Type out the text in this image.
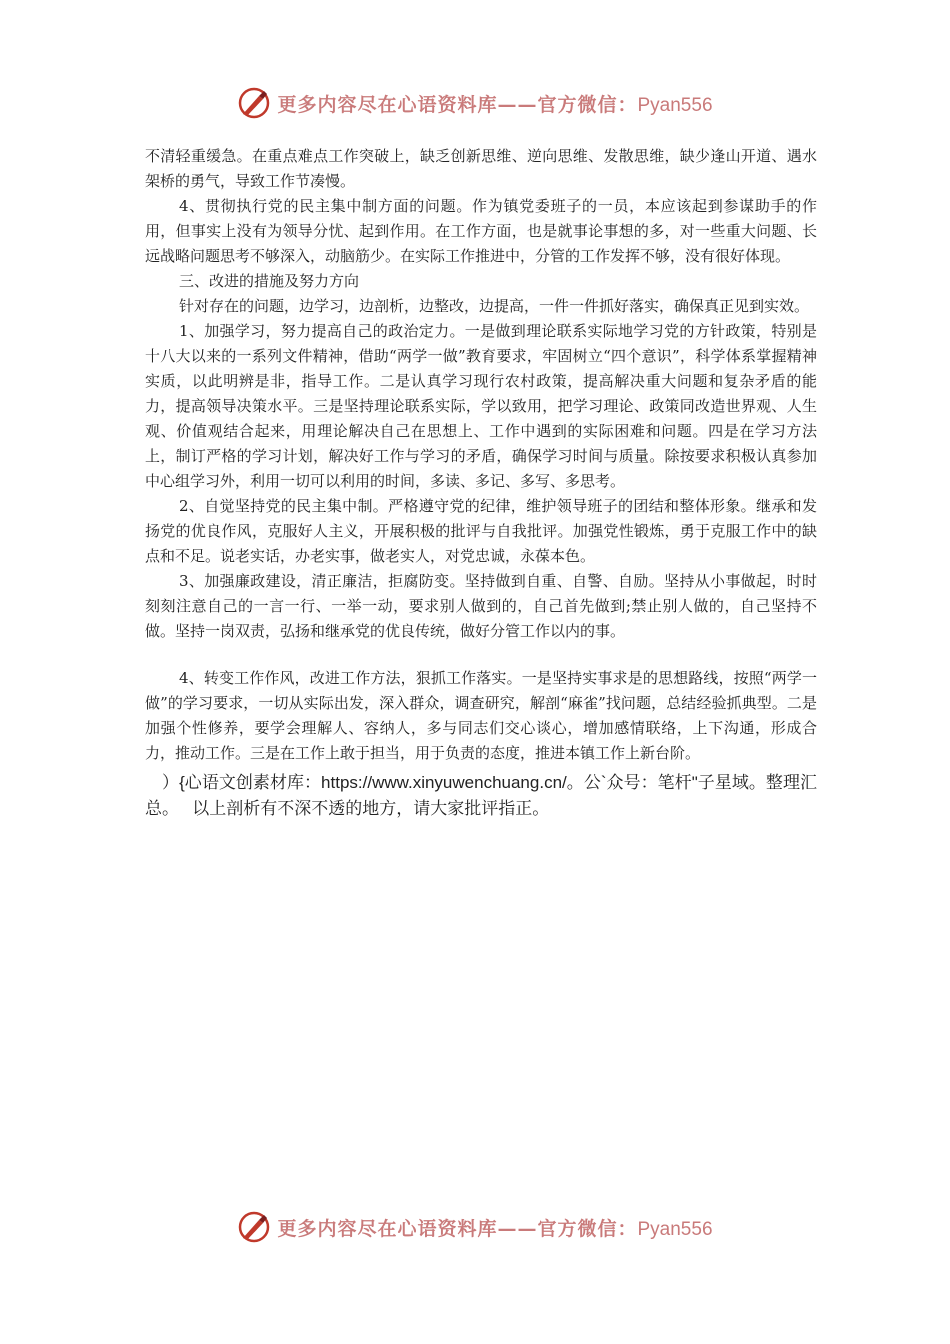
更多内容尽在心语资料库——官方微信：Pyan556

不清轻重缓急。在重点难点工作突破上，缺乏创新思维、逆向思维、发散思维，缺少逢山开道、遇水架桥的勇气，导致工作节凑慢。

4、贯彻执行党的民主集中制方面的问题。作为镇党委班子的一员，本应该起到参谋助手的作用，但事实上没有为领导分忧、起到作用。在工作方面，也是就事论事想的多，对一些重大问题、长远战略问题思考不够深入，动脑筋少。在实际工作推进中，分管的工作发挥不够，没有很好体现。

三、改进的措施及努力方向

针对存在的问题，边学习，边剖析，边整改，边提高，一件一件抓好落实，确保真正见到实效。

1、加强学习，努力提高自己的政治定力。一是做到理论联系实际地学习党的方针政策，特别是十八大以来的一系列文件精神，借助“两学一做”教育要求，牢固树立“四个意识”，科学体系掌握精神实质，以此明辨是非，指导工作。二是认真学习现行农村政策，提高解决重大问题和复杂矛盾的能力，提高领导决策水平。三是坚持理论联系实际，学以致用，把学习理论、政策同改造世界观、人生观、价值观结合起来，用理论解决自己在思想上、工作中遇到的实际困难和问题。四是在学习方法上，制订严格的学习计划，解决好工作与学习的矛盾，确保学习时间与质量。除按要求积极认真参加中心组学习外，利用一切可以利用的时间，多读、多记、多写、多思考。

2、自觉坚持党的民主集中制。严格遵守党的纪律，维护领导班子的团结和整体形象。继承和发扬党的优良作风，克服好人主义，开展积极的批评与自我批评。加强党性锻炼，勇于克服工作中的缺点和不足。说老实话，办老实事，做老实人，对党忠诚，永葆本色。

3、加强廉政建设，清正廉洁，拒腐防变。坚持做到自重、自警、自励。坚持从小事做起，时时刻刻注意自己的一言一行、一举一动，要求别人做到的，自己首先做到;禁止别人做的，自己坚持不做。坚持一岗双责，弘扬和继承党的优良传统，做好分管工作以内的事。

4、转变工作作风，改进工作方法，狠抓工作落实。一是坚持实事求是的思想路线，按照“两学一做”的学习要求，一切从实际出发，深入群众，调查研究，解剖“麻雀”找问题，总结经验抓典型。二是加强个性修养，要学会理解人、容纳人，多与同志们交心谈心，增加感情联络，上下沟通，形成合力，推动工作。三是在工作上敢于担当，用于负责的态度，推进本镇工作上新台阶。

　）{心语文创素材库：https://www.xinyuwenchuang.cn/。公`众号：笔杆"子星域。整理汇总。　 以上剖析有不深不透的地方，请大家批评指正。

更多内容尽在心语资料库——官方微信：Pyan556
